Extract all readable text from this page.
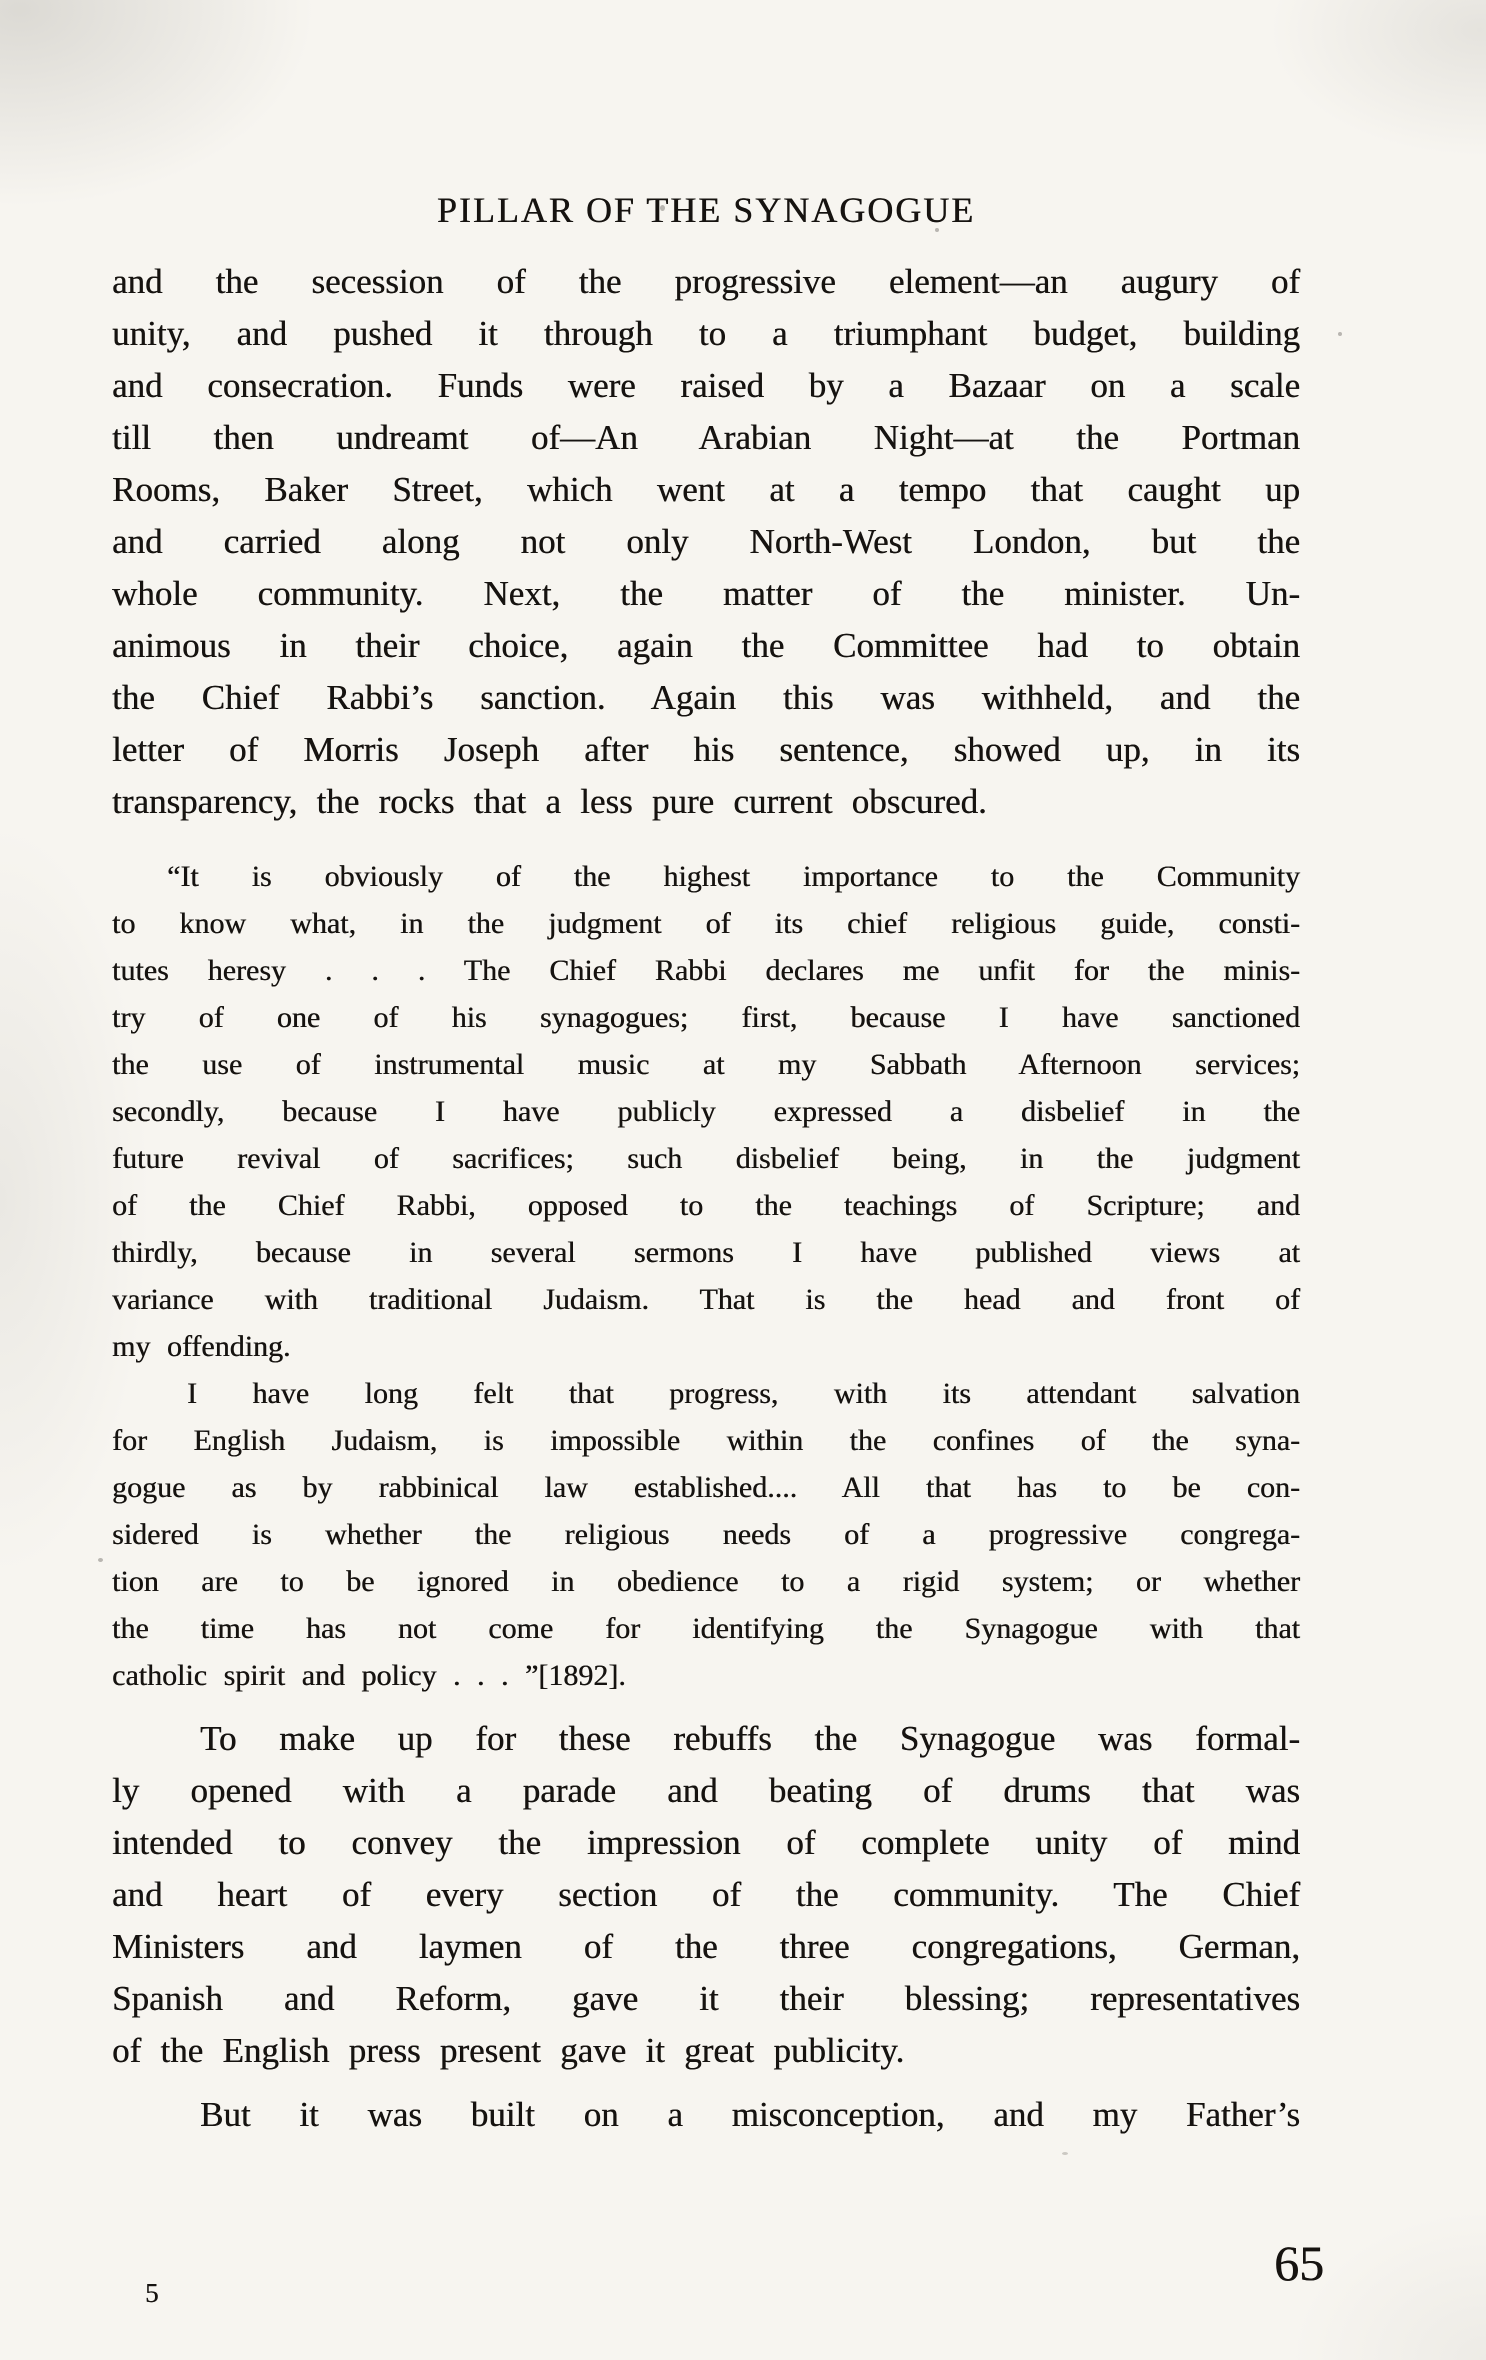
PILLAR OF THE SYNAGOGUE
and the secession of the progressive element—an augury of
unity, and pushed it through to a triumphant budget, building
and consecration. Funds were raised by a Bazaar on a scale
till then undreamt of—An Arabian Night—at the Portman
Rooms, Baker Street, which went at a tempo that caught up
and carried along not only North-West London, but the
whole community. Next, the matter of the minister. Un-
animous in their choice, again the Committee had to obtain
the Chief Rabbi’s sanction. Again this was withheld, and the
letter of Morris Joseph after his sentence, showed up, in its
transparency, the rocks that a less pure current obscured.
“It is obviously of the highest importance to the Community
to know what, in the judgment of its chief religious guide, consti-
tutes heresy . . . The Chief Rabbi declares me unfit for the minis-
try of one of his synagogues; first, because I have sanctioned
the use of instrumental music at my Sabbath Afternoon services;
secondly, because I have publicly expressed a disbelief in the
future revival of sacrifices; such disbelief being, in the judgment
of the Chief Rabbi, opposed to the teachings of Scripture; and
thirdly, because in several sermons I have published views at
variance with traditional Judaism. That is the head and front of
my offending.
I have long felt that progress, with its attendant salvation
for English Judaism, is impossible within the confines of the syna-
gogue as by rabbinical law established.... All that has to be con-
sidered is whether the religious needs of a progressive congrega-
tion are to be ignored in obedience to a rigid system; or whether
the time has not come for identifying the Synagogue with that
catholic spirit and policy . . . ”[1892].
To make up for these rebuffs the Synagogue was formal-
ly opened with a parade and beating of drums that was
intended to convey the impression of complete unity of mind
and heart of every section of the community. The Chief
Ministers and laymen of the three congregations, German,
Spanish and Reform, gave it their blessing; representatives
of the English press present gave it great publicity.
But it was built on a misconception, and my Father’s
5
65
